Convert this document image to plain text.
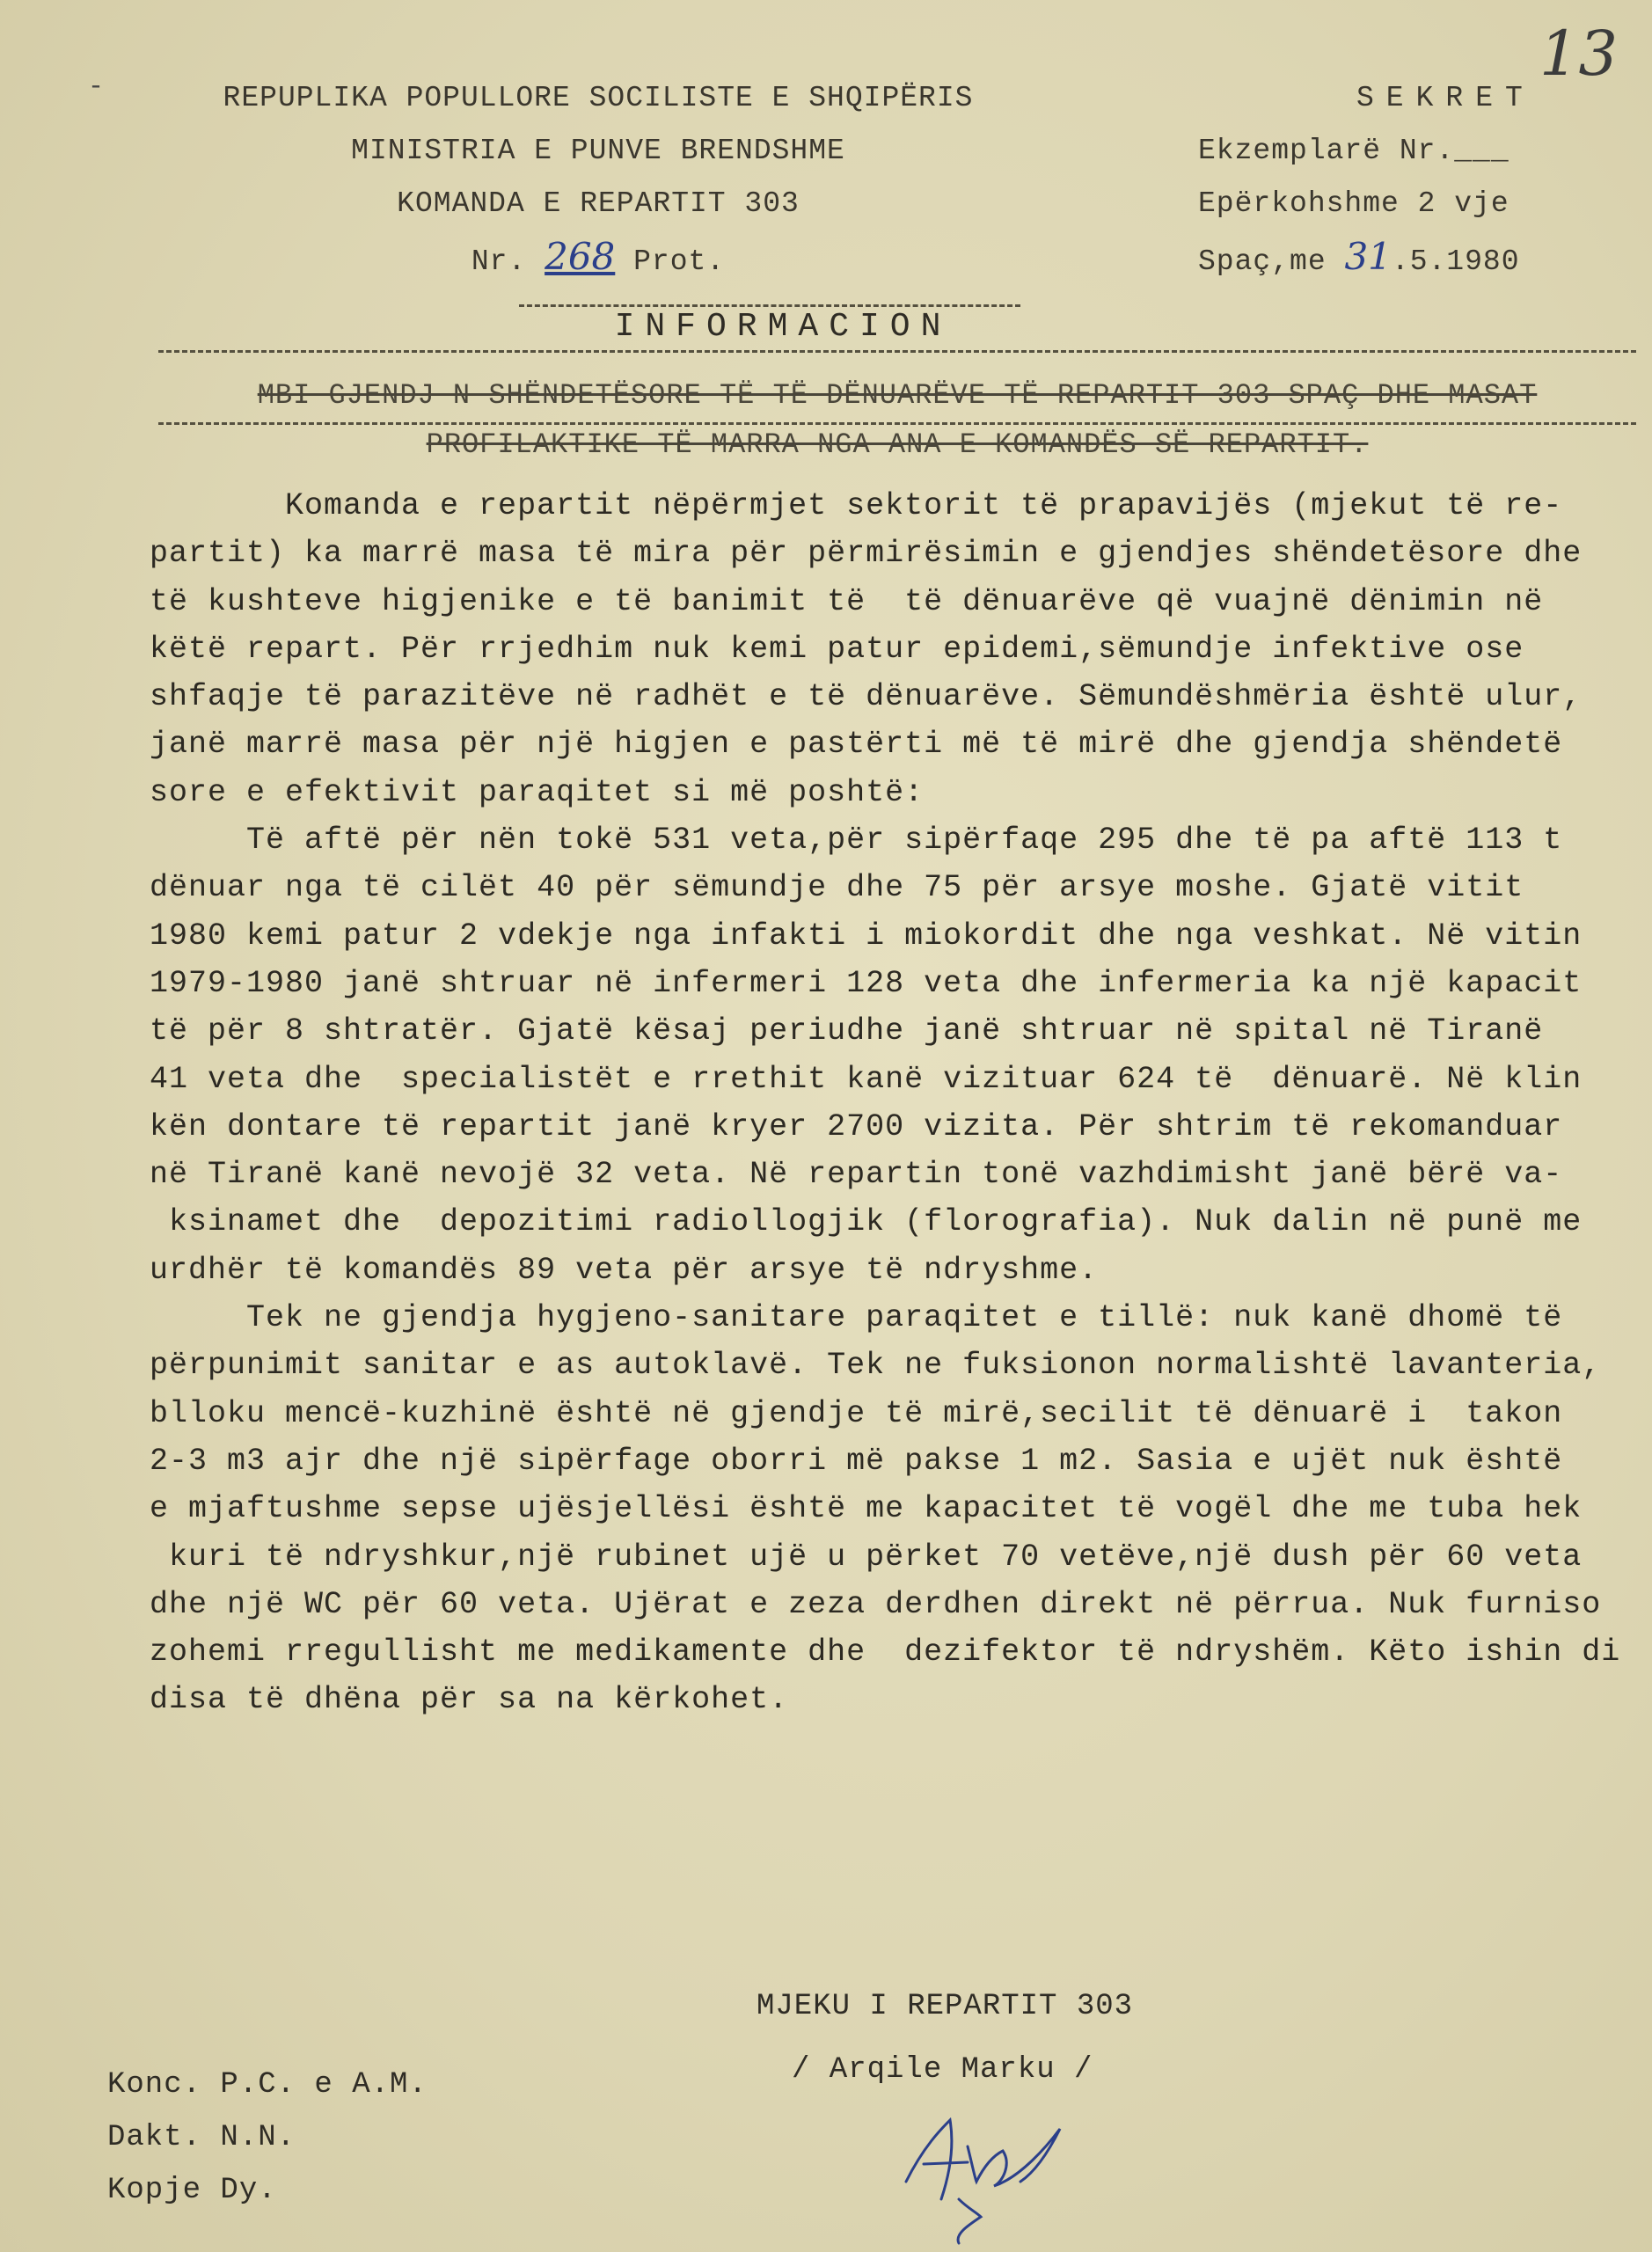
-	REPUPLIKA POPULLORE SOCILISTE E SHQIPËRIS
MINISTRIA E PUNVE BRENDSHME
KOMANDA E REPARTIT 303
Nr. 268 Prot.
13
SEKRET
Ekzemplarë Nr.___
Epërkohshme 2 vje
Spaç,me 31.5.1980
INFORMACION
MBI GJENDJ N SHËNDETËSORE TË TË DËNUARËVE TË REPARTIT 303 SPAÇ DHE MASAT
PROFILAKTIKE TË MARRA NGA ANA E KOMANDËS SË REPARTIT.
Komanda e repartit nëpërmjet sektorit të prapavijës (mjekut të re-
partit) ka marrë masa të mira për përmirësimin e gjendjes shëndetësore dhe
të kushteve higjenike e të banimit të  të dënuarëve që vuajnë dënimin në
këtë repart. Për rrjedhim nuk kemi patur epidemi,sëmundje infektive ose
shfaqje të parazitëve në radhët e të dënuarëve. Sëmundëshmëria është ulur,
janë marrë masa për një higjen e pastërti më të mirë dhe gjendja shëndetë
sore e efektivit paraqitet si më poshtë:
Të aftë për nën tokë 531 veta,për sipërfaqe 295 dhe të pa aftë 113 t
dënuar nga të cilët 40 për sëmundje dhe 75 për arsye moshe. Gjatë vitit
1980 kemi patur 2 vdekje nga infakti i miokordit dhe nga veshkat. Në vitin
1979-1980 janë shtruar në infermeri 128 veta dhe infermeria ka një kapacit
të për 8 shtratër. Gjatë kësaj periudhe janë shtruar në spital në Tiranë
41 veta dhe  specialistët e rrethit kanë vizituar 624 të  dënuarë. Në klin
kën dontare të repartit janë kryer 2700 vizita. Për shtrim të rekomanduar
në Tiranë kanë nevojë 32 veta. Në repartin tonë vazhdimisht janë bërë va-
ksinamet dhe  depozitimi radiollogjik (florografia). Nuk dalin në punë me
urdhër të komandës 89 veta për arsye të ndryshme.
Tek ne gjendja hygjeno-sanitare paraqitet e tillë: nuk kanë dhomë të
përpunimit sanitar e as autoklavë. Tek ne fuksionon normalishtë lavanteria,
blloku mencë-kuzhinë është në gjendje të mirë,secilit të dënuarë i  takon
2-3 m3 ajr dhe një sipërfage oborri më pakse 1 m2. Sasia e ujët nuk është
e mjaftushme sepse ujësjellësi është me kapacitet të vogël dhe me tuba hek
kuri të ndryshkur,një rubinet ujë u përket 70 vetëve,një dush për 60 veta
dhe një WC për 60 veta. Ujërat e zeza derdhen direkt në përrua. Nuk furniso
zohemi rregullisht me medikamente dhe  dezifektor të ndryshëm. Këto ishin di
disa të dhëna për sa na kërkohet.
MJEKU I REPARTIT 303
/ Arqile Marku /
Konc. P.C. e A.M.
Dakt. N.N.
Kopje Dy.
